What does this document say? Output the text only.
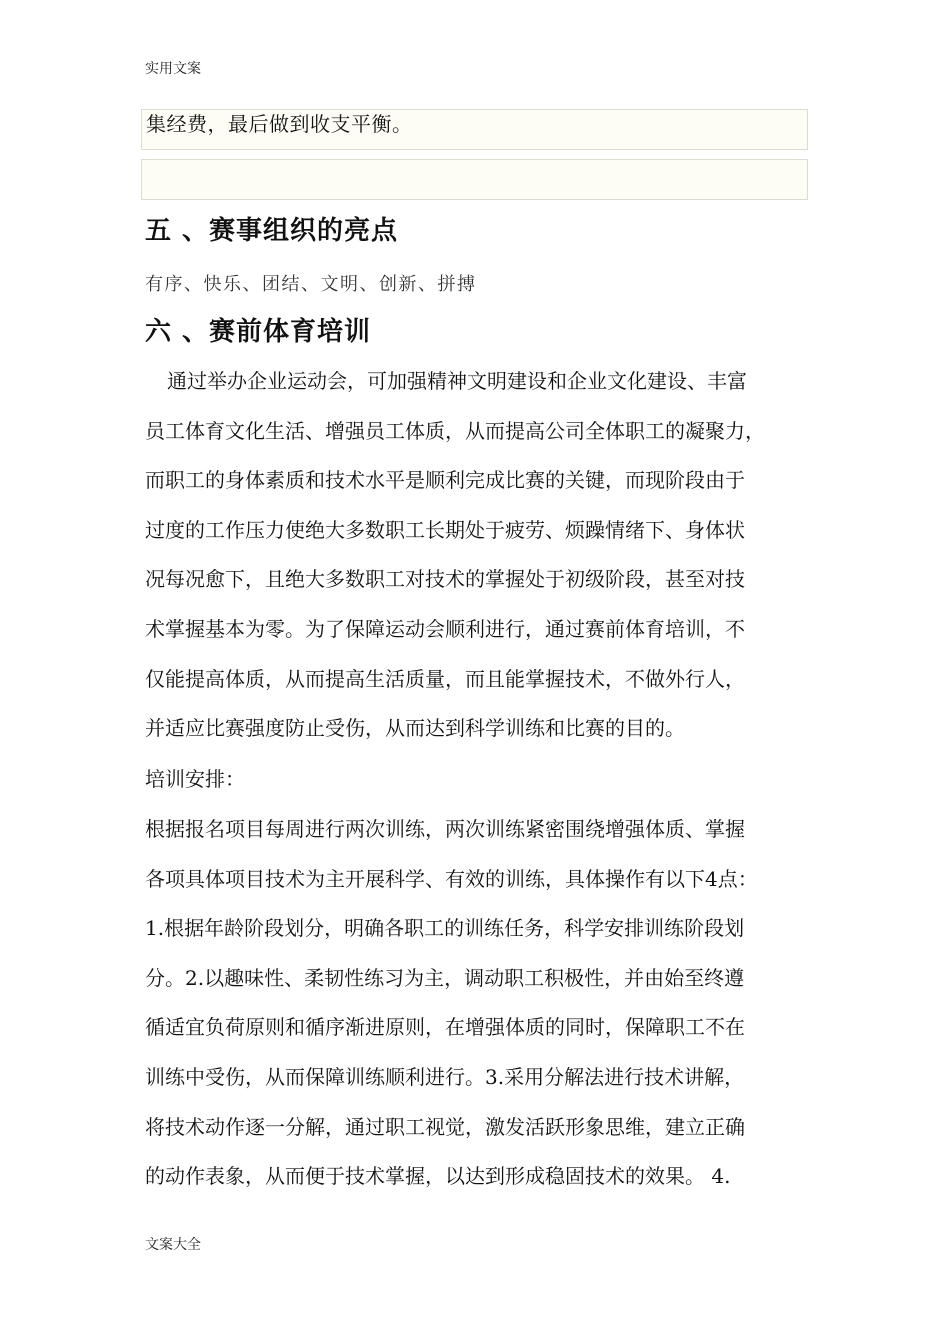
实用文案
集经费，最后做到收支平衡。
五 、赛事组织的亮点
有序、快乐、团结、文明、创新、拼搏
六 、赛前体育培训
通过举办企业运动会，可加强精神文明建设和企业文化建设、丰富
员工体育文化生活、增强员工体质，从而提高公司全体职工的凝聚力，
而职工的身体素质和技术水平是顺利完成比赛的关键，而现阶段由于
过度的工作压力使绝大多数职工长期处于疲劳、烦躁情绪下、身体状
况每况愈下，且绝大多数职工对技术的掌握处于初级阶段，甚至对技
术掌握基本为零。为了保障运动会顺利进行，通过赛前体育培训，不
仅能提高体质，从而提高生活质量，而且能掌握技术，不做外行人，
并适应比赛强度防止受伤，从而达到科学训练和比赛的目的。
培训安排：
根据报名项目每周进行两次训练，两次训练紧密围绕增强体质、掌握
各项具体项目技术为主开展科学、有效的训练，具体操作有以下4点：
1.根据年龄阶段划分，明确各职工的训练任务，科学安排训练阶段划
分。2.以趣味性、柔韧性练习为主，调动职工积极性，并由始至终遵
循适宜负荷原则和循序渐进原则，在增强体质的同时，保障职工不在
训练中受伤，从而保障训练顺利进行。3.采用分解法进行技术讲解，
将技术动作逐一分解，通过职工视觉，激发活跃形象思维，建立正确
的动作表象，从而便于技术掌握，以达到形成稳固技术的效果。 4.
文案大全
